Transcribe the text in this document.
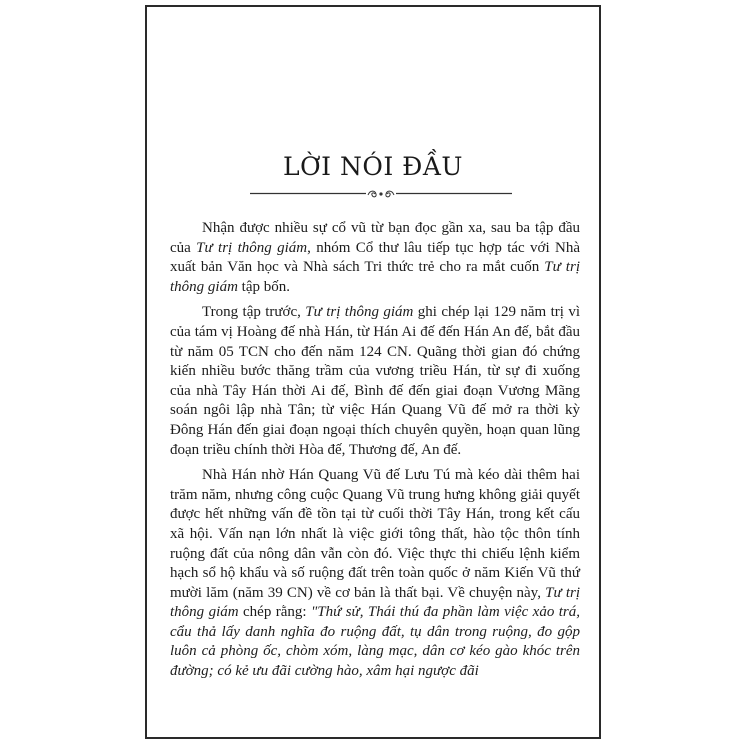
LỜI NÓI ĐẦU

Nhận được nhiều sự cổ vũ từ bạn đọc gần xa, sau ba tập đầu của Tư trị thông giám, nhóm Cổ thư lâu tiếp tục hợp tác với Nhà xuất bản Văn học và Nhà sách Tri thức trẻ cho ra mắt cuốn Tư trị thông giám tập bốn.

Trong tập trước, Tư trị thông giám ghi chép lại 129 năm trị vì của tám vị Hoàng đế nhà Hán, từ Hán Ai đế đến Hán An đế, bắt đầu từ năm 05 TCN cho đến năm 124 CN. Quãng thời gian đó chứng kiến nhiều bước thăng trầm của vương triều Hán, từ sự đi xuống của nhà Tây Hán thời Ai đế, Bình đế đến giai đoạn Vương Mãng soán ngôi lập nhà Tân; từ việc Hán Quang Vũ đế mở ra thời kỳ Đông Hán đến giai đoạn ngoại thích chuyên quyền, hoạn quan lũng đoạn triều chính thời Hòa đế, Thương đế, An đế.

Nhà Hán nhờ Hán Quang Vũ đế Lưu Tú mà kéo dài thêm hai trăm năm, nhưng công cuộc Quang Vũ trung hưng không giải quyết được hết những vấn đề tồn tại từ cuối thời Tây Hán, trong kết cấu xã hội. Vấn nạn lớn nhất là việc giới tông thất, hào tộc thôn tính ruộng đất của nông dân vẫn còn đó. Việc thực thi chiếu lệnh kiểm hạch sổ hộ khẩu và số ruộng đất trên toàn quốc ở năm Kiến Vũ thứ mười lăm (năm 39 CN) về cơ bản là thất bại. Về chuyện này, Tư trị thông giám chép rằng: "Thứ sử, Thái thú đa phần làm việc xảo trá, cẩu thả lấy danh nghĩa đo ruộng đất, tụ dân trong ruộng, đo gộp luôn cả phòng ốc, chòm xóm, làng mạc, dân cơ kéo gào khóc trên đường; có kẻ ưu đãi cường hào, xâm hại ngược đãi
